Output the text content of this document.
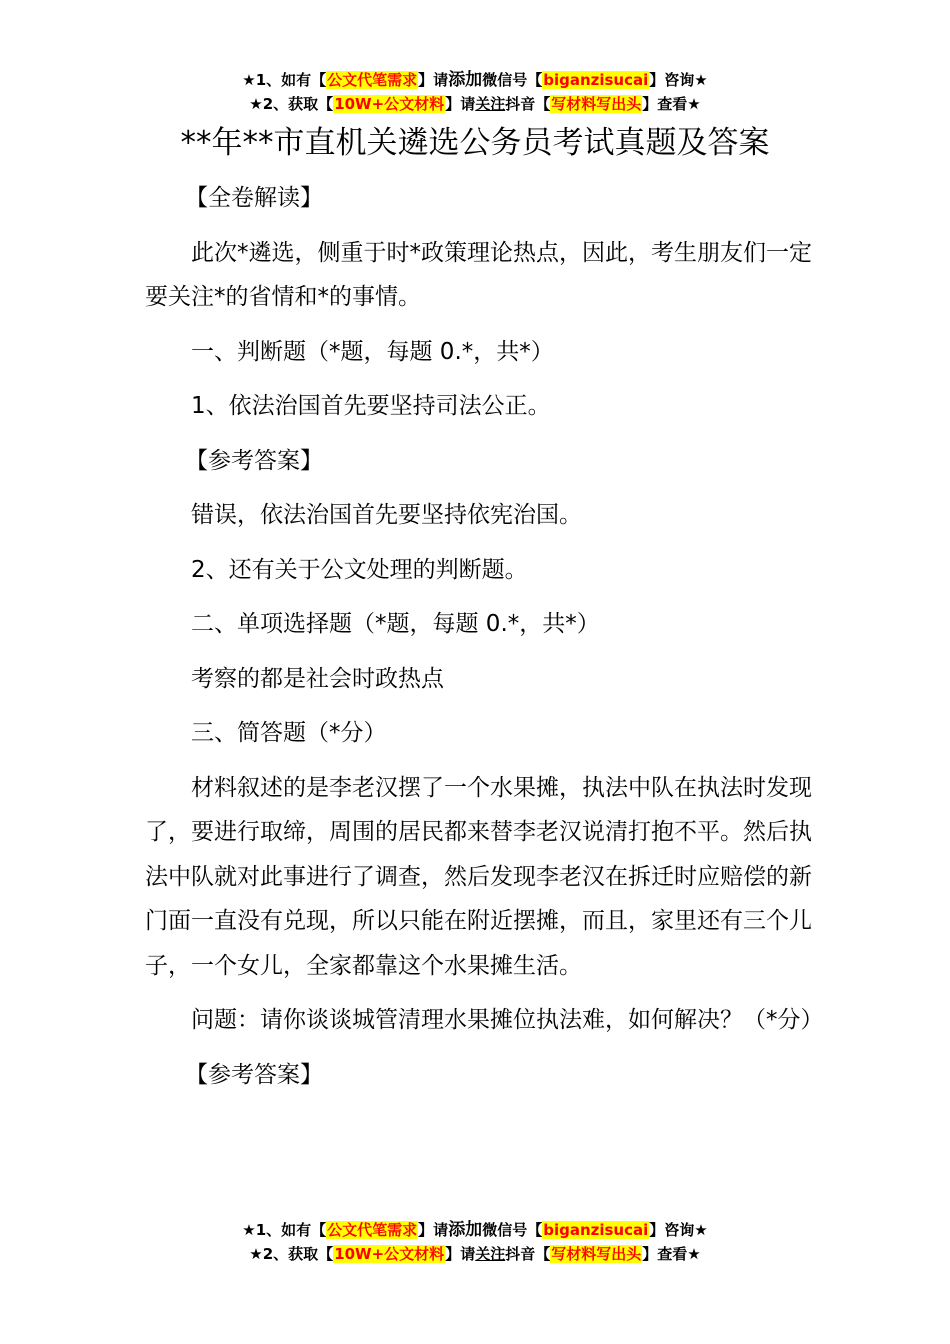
★1、如有【公文代笔需求】请添加微信号【biganzisucai】咨询★
★2、获取【10W+公文材料】请关注抖音【写材料写出头】查看★
**年**市直机关遴选公务员考试真题及答案

【全卷解读】

此次*遴选，侧重于时*政策理论热点，因此，考生朋友们一定要关注*的省情和*的事情。

一、判断题（*题，每题 0.*，共*）

1、依法治国首先要坚持司法公正。

【参考答案】

错误，依法治国首先要坚持依宪治国。

2、还有关于公文处理的判断题。

二、单项选择题（*题，每题 0.*，共*）

考察的都是社会时政热点

三、简答题（*分）

材料叙述的是李老汉摆了一个水果摊，执法中队在执法时发现了，要进行取缔，周围的居民都来替李老汉说清打抱不平。然后执法中队就对此事进行了调查，然后发现李老汉在拆迁时应赔偿的新门面一直没有兑现，所以只能在附近摆摊，而且，家里还有三个儿子，一个女儿，全家都靠这个水果摊生活。

问题：请你谈谈城管清理水果摊位执法难，如何解决？（*分）

【参考答案】

★1、如有【公文代笔需求】请添加微信号【biganzisucai】咨询★
★2、获取【10W+公文材料】请关注抖音【写材料写出头】查看★
